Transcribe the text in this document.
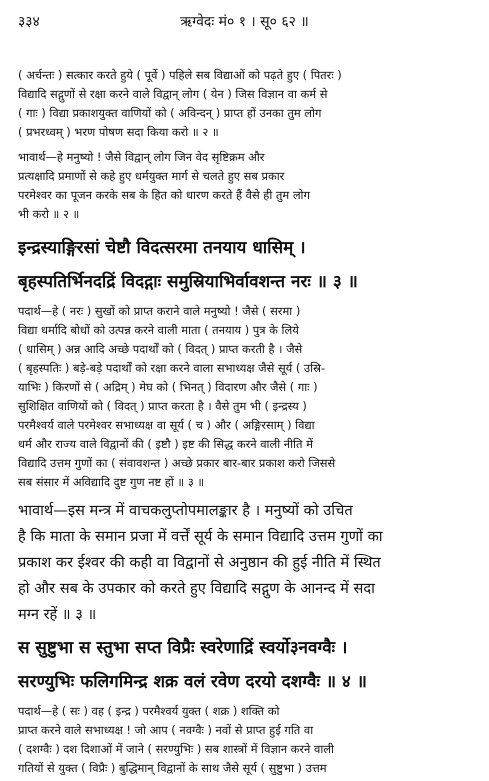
३३४	ऋग्वेदः मं० १ । सू० ६२ ॥
( अर्चन्तः ) सत्कार करते हुये ( पूर्वे ) पहिले सब विद्याओं को पढ़ते हुए ( पितरः )
विद्यादि सद्गुणों से रक्षा करने वाले विद्वान् लोग ( येन ) जिस विज्ञान वा कर्म से
( गाः ) विद्या प्रकाशयुक्त वाणियों को ( अविन्दन् ) प्राप्त हों उनका तुम लोग
( प्रभरध्वम् ) भरण पोषण सदा किया करो ॥ २ ॥
भावार्थ—हे मनुष्यो ! जैसे विद्वान् लोग जिन वेद सृष्टिक्रम और
प्रत्यक्षादि प्रमाणों से कहे हुए धर्मयुक्त मार्ग से चलते हुए सब प्रकार
परमेश्वर का पूजन करके सब के हित को धारण करते हैं वैसे ही तुम लोग
भी करो ॥ २ ॥
इन्द्रस्याङ्गिरसां चेष्टौ विदत्सरमा तनयाय धासिम् ।
बृहस्पतिर्भिनदद्रिं विदद्गाः समुस्रियाभिर्वावशन्त नरः ॥ ३ ॥
पदार्थ—हे ( नरः ) सुखों को प्राप्त कराने वाले मनुष्यो ! जैसे ( सरमा )
विद्या धर्मादि बोधों को उत्पन्न करने वाली माता ( तनयाय ) पुत्र के लिये
( धासिम् ) अन्न आदि अच्छे पदार्थों को ( विदत् ) प्राप्त करती है । जैसे
( बृहस्पतिः ) बड़े-बड़े पदार्थों को रक्षा करने वाला सभाध्यक्ष जैसे सूर्य ( उस्रि-
याभिः ) किरणों से ( अद्रिम् ) मेघ को ( भिनत् ) विदारण और जैसे ( गाः )
सुशिक्षित वाणियों को ( विदत् ) प्राप्त करता है । वैसे तुम भी ( इन्द्रस्य )
परमैश्वर्य वाले परमेश्वर सभाध्यक्ष वा सूर्य ( च ) और ( अङ्गिरसाम् ) विद्या
धर्म और राज्य वाले विद्वानों की ( इष्टौ ) इष्ट की सिद्ध करने वाली नीति में
विद्यादि उत्तम गुणों का ( संवावशन्त ) अच्छे प्रकार बार-बार प्रकाश करो जिससे
सब संसार में अविद्यादि दुष्ट गुण नष्ट हों ॥ ३ ॥
भावार्थ—इस मन्त्र में वाचकलुप्तोपमालङ्कार है । मनुष्यों को उचित
है कि माता के समान प्रजा में वर्त्तें सूर्य के समान विद्यादि उत्तम गुणों का
प्रकाश कर ईश्वर की कही वा विद्वानों से अनुष्ठान की हुई नीति में स्थित
हो और सब के उपकार को करते हुए विद्यादि सद्गुण के आनन्द में सदा
मग्न रहें ॥ ३ ॥
स सुष्टुभा स स्तुभा सप्त विप्रैः स्वरेणाद्रिं स्वर्यो३नवग्वैः ।
सरण्युभिः फलिगमिन्द्र शक्र वलं रवेण दरयो दशग्वैः ॥ ४ ॥
पदार्थ—हे ( सः ) वह ( इन्द्र ) परमैश्वर्य युक्त ( शक्र ) शक्ति को
प्राप्त करने वाले सभाध्यक्ष ! जो आप ( नवग्वैः ) नवों से प्राप्त हुई गति वा
( दशग्वैः ) दश दिशाओं में जाने ( सरण्युभिः ) सब शास्त्रों में विज्ञान करने वाली
गतियों से युक्त ( विप्रैः ) बुद्धिमान् विद्वानों के साथ जैसे सूर्य ( सुष्टुभा ) उत्तम
